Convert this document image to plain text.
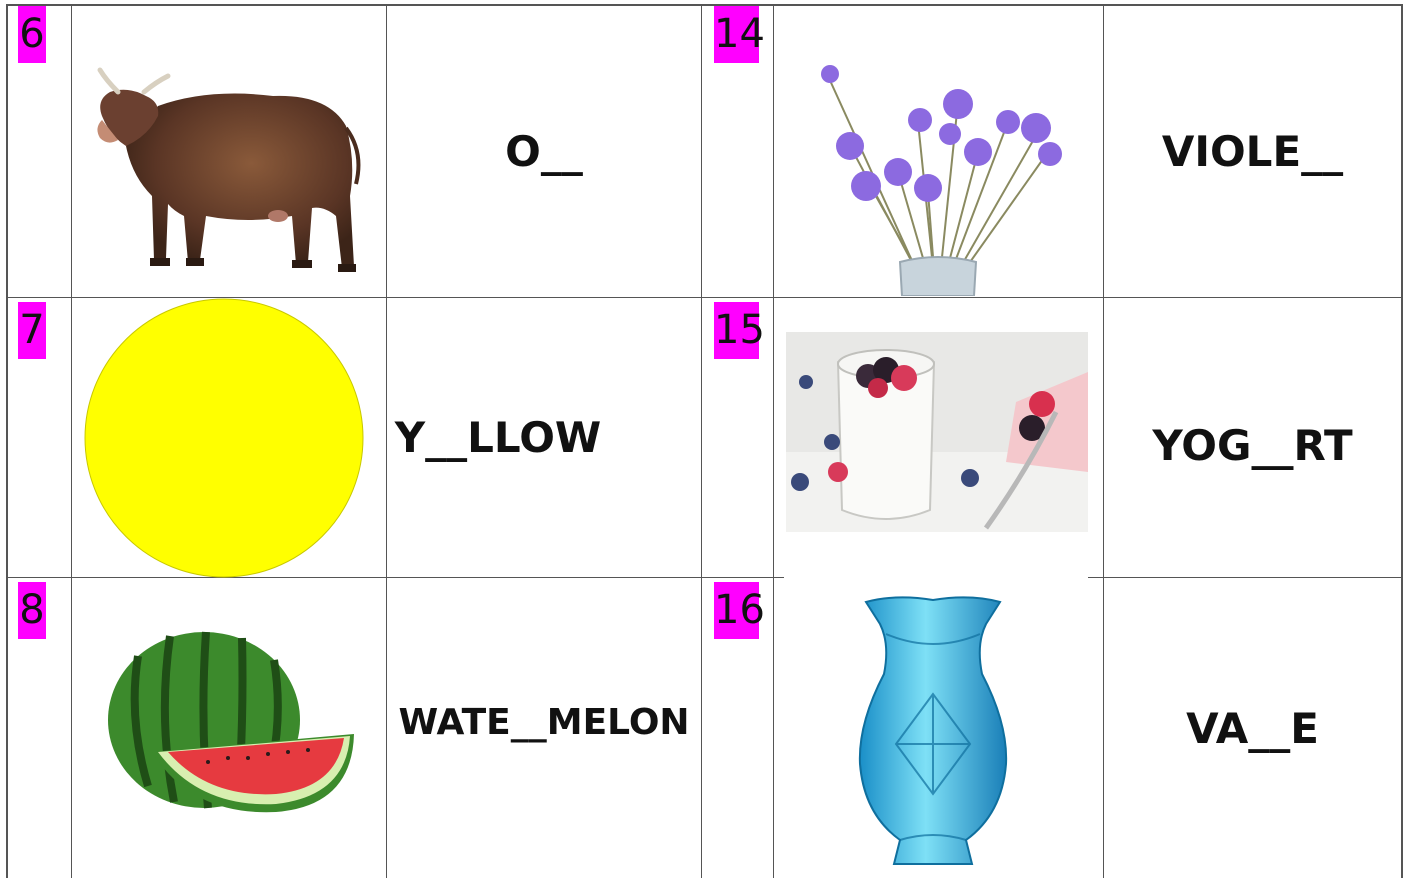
6
O__
14
VIOLE__
7
Y__LLOW
15
YOG__RT
8
WATE__MELON
16
VA__E
